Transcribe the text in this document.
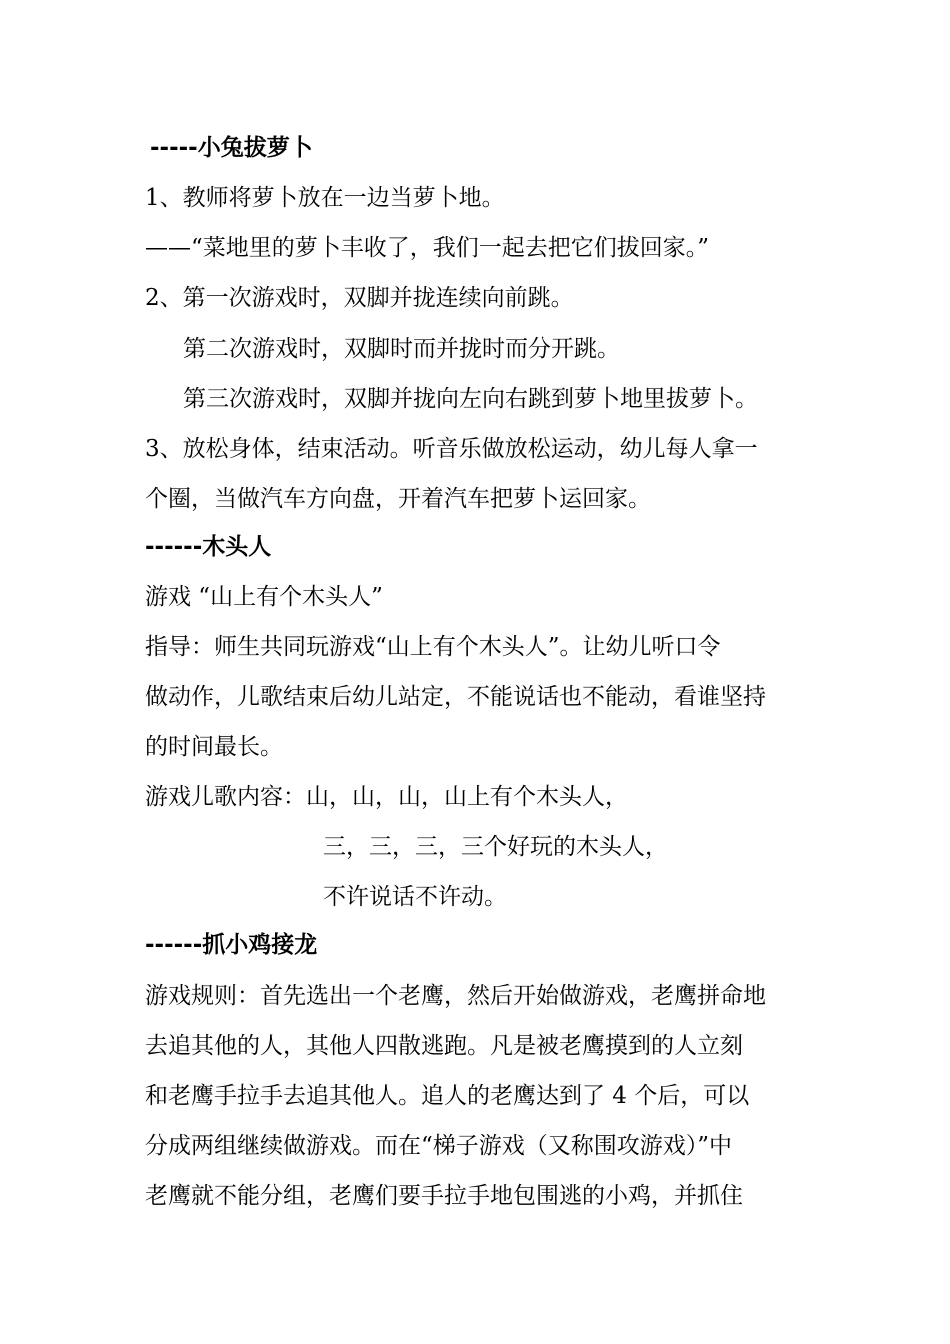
-----小兔拔萝卜
1、教师将萝卜放在一边当萝卜地。
——“菜地里的萝卜丰收了，我们一起去把它们拔回家。”
2、第一次游戏时，双脚并拢连续向前跳。
第二次游戏时，双脚时而并拢时而分开跳。
第三次游戏时，双脚并拢向左向右跳到萝卜地里拔萝卜。
3、放松身体，结束活动。听音乐做放松运动，幼儿每人拿一
个圈，当做汽车方向盘，开着汽车把萝卜运回家。
------木头人
游戏 “山上有个木头人”
指导：师生共同玩游戏“山上有个木头人”。让幼儿听口令
做动作，儿歌结束后幼儿站定，不能说话也不能动，看谁坚持
的时间最长。
游戏儿歌内容：山，山，山，山上有个木头人，
三，三，三，三个好玩的木头人，
不许说话不许动。
------抓小鸡接龙
游戏规则：首先选出一个老鹰，然后开始做游戏，老鹰拼命地
去追其他的人，其他人四散逃跑。凡是被老鹰摸到的人立刻
和老鹰手拉手去追其他人。追人的老鹰达到了 4 个后，可以
分成两组继续做游戏。而在“梯子游戏（又称围攻游戏）”中
老鹰就不能分组，老鹰们要手拉手地包围逃的小鸡，并抓住
